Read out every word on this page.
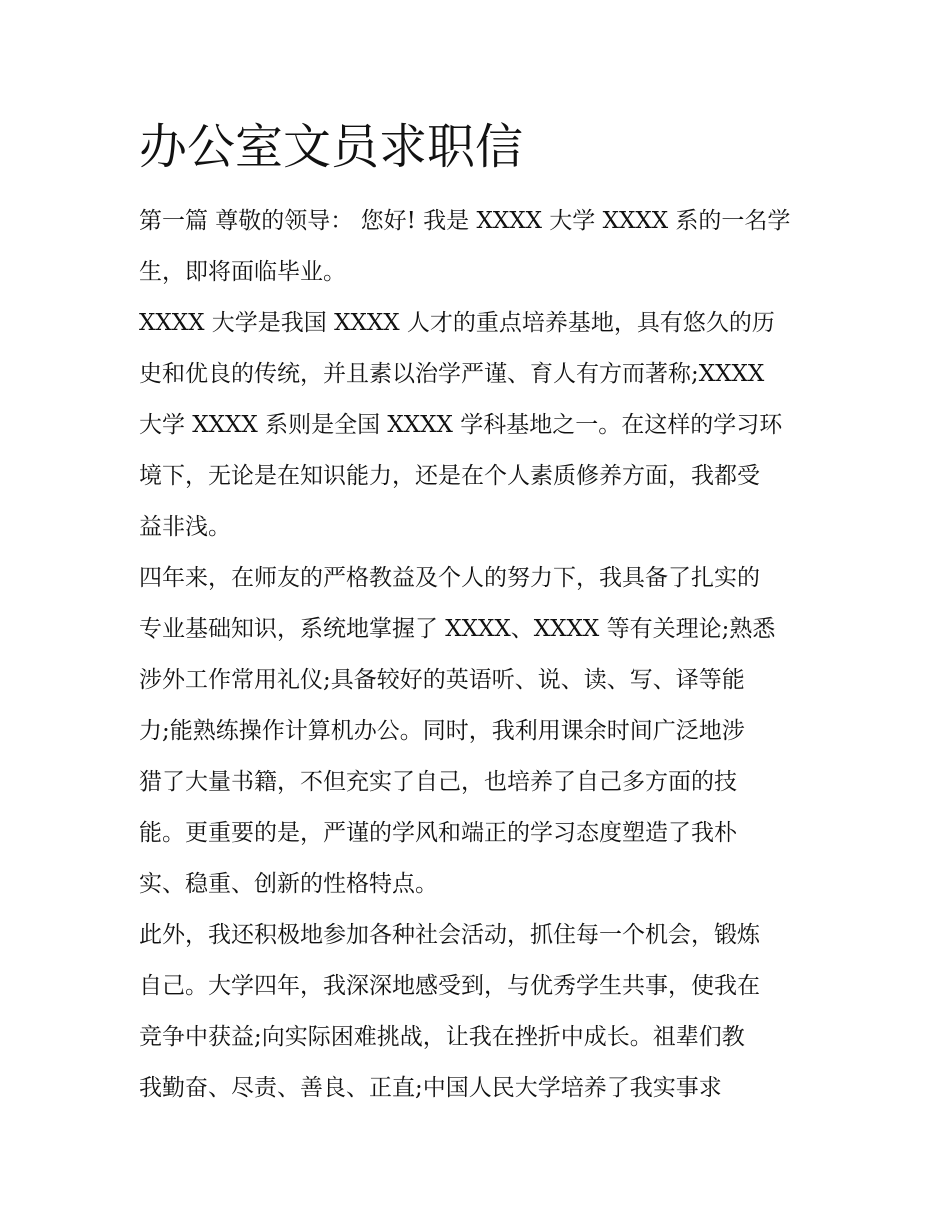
办公室文员求职信
第一篇 尊敬的领导： 您好! 我是 XXXX 大学 XXXX 系的一名学
生，即将面临毕业。
XXXX 大学是我国 XXXX 人才的重点培养基地，具有悠久的历
史和优良的传统，并且素以治学严谨、育人有方而著称;XXXX
大学 XXXX 系则是全国 XXXX 学科基地之一。在这样的学习环
境下，无论是在知识能力，还是在个人素质修养方面，我都受
益非浅。
四年来，在师友的严格教益及个人的努力下，我具备了扎实的
专业基础知识，系统地掌握了 XXXX、XXXX 等有关理论;熟悉
涉外工作常用礼仪;具备较好的英语听、说、读、写、译等能
力;能熟练操作计算机办公。同时，我利用课余时间广泛地涉
猎了大量书籍，不但充实了自己，也培养了自己多方面的技
能。更重要的是，严谨的学风和端正的学习态度塑造了我朴
实、稳重、创新的性格特点。
此外，我还积极地参加各种社会活动，抓住每一个机会，锻炼
自己。大学四年，我深深地感受到，与优秀学生共事，使我在
竞争中获益;向实际困难挑战，让我在挫折中成长。祖辈们教
我勤奋、尽责、善良、正直;中国人民大学培养了我实事求
